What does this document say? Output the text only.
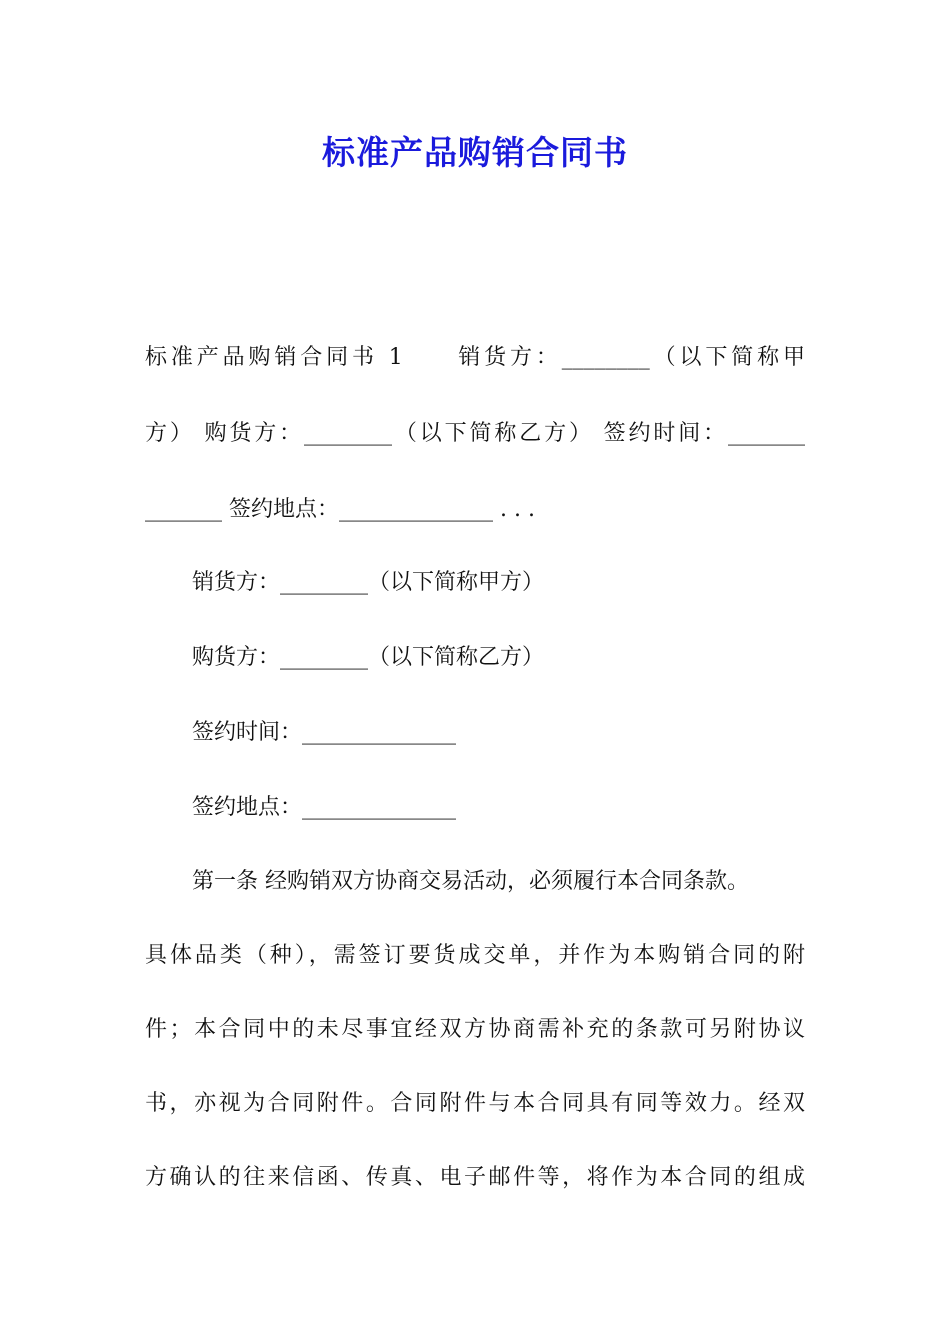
标准产品购销合同书
标准产品购销合同书 1　　销货方：________（以下简称甲
方） 购货方：________（以下简称乙方） 签约时间：_______
_______ 签约地点：______________ . . .
销货方：________（以下简称甲方）
购货方：________（以下简称乙方）
签约时间：______________
签约地点：______________
第一条 经购销双方协商交易活动，必须履行本合同条款。
具体品类（种），需签订要货成交单，并作为本购销合同的附
件；本合同中的未尽事宜经双方协商需补充的条款可另附协议
书，亦视为合同附件。合同附件与本合同具有同等效力。经双
方确认的往来信函、传真、电子邮件等，将作为本合同的组成
